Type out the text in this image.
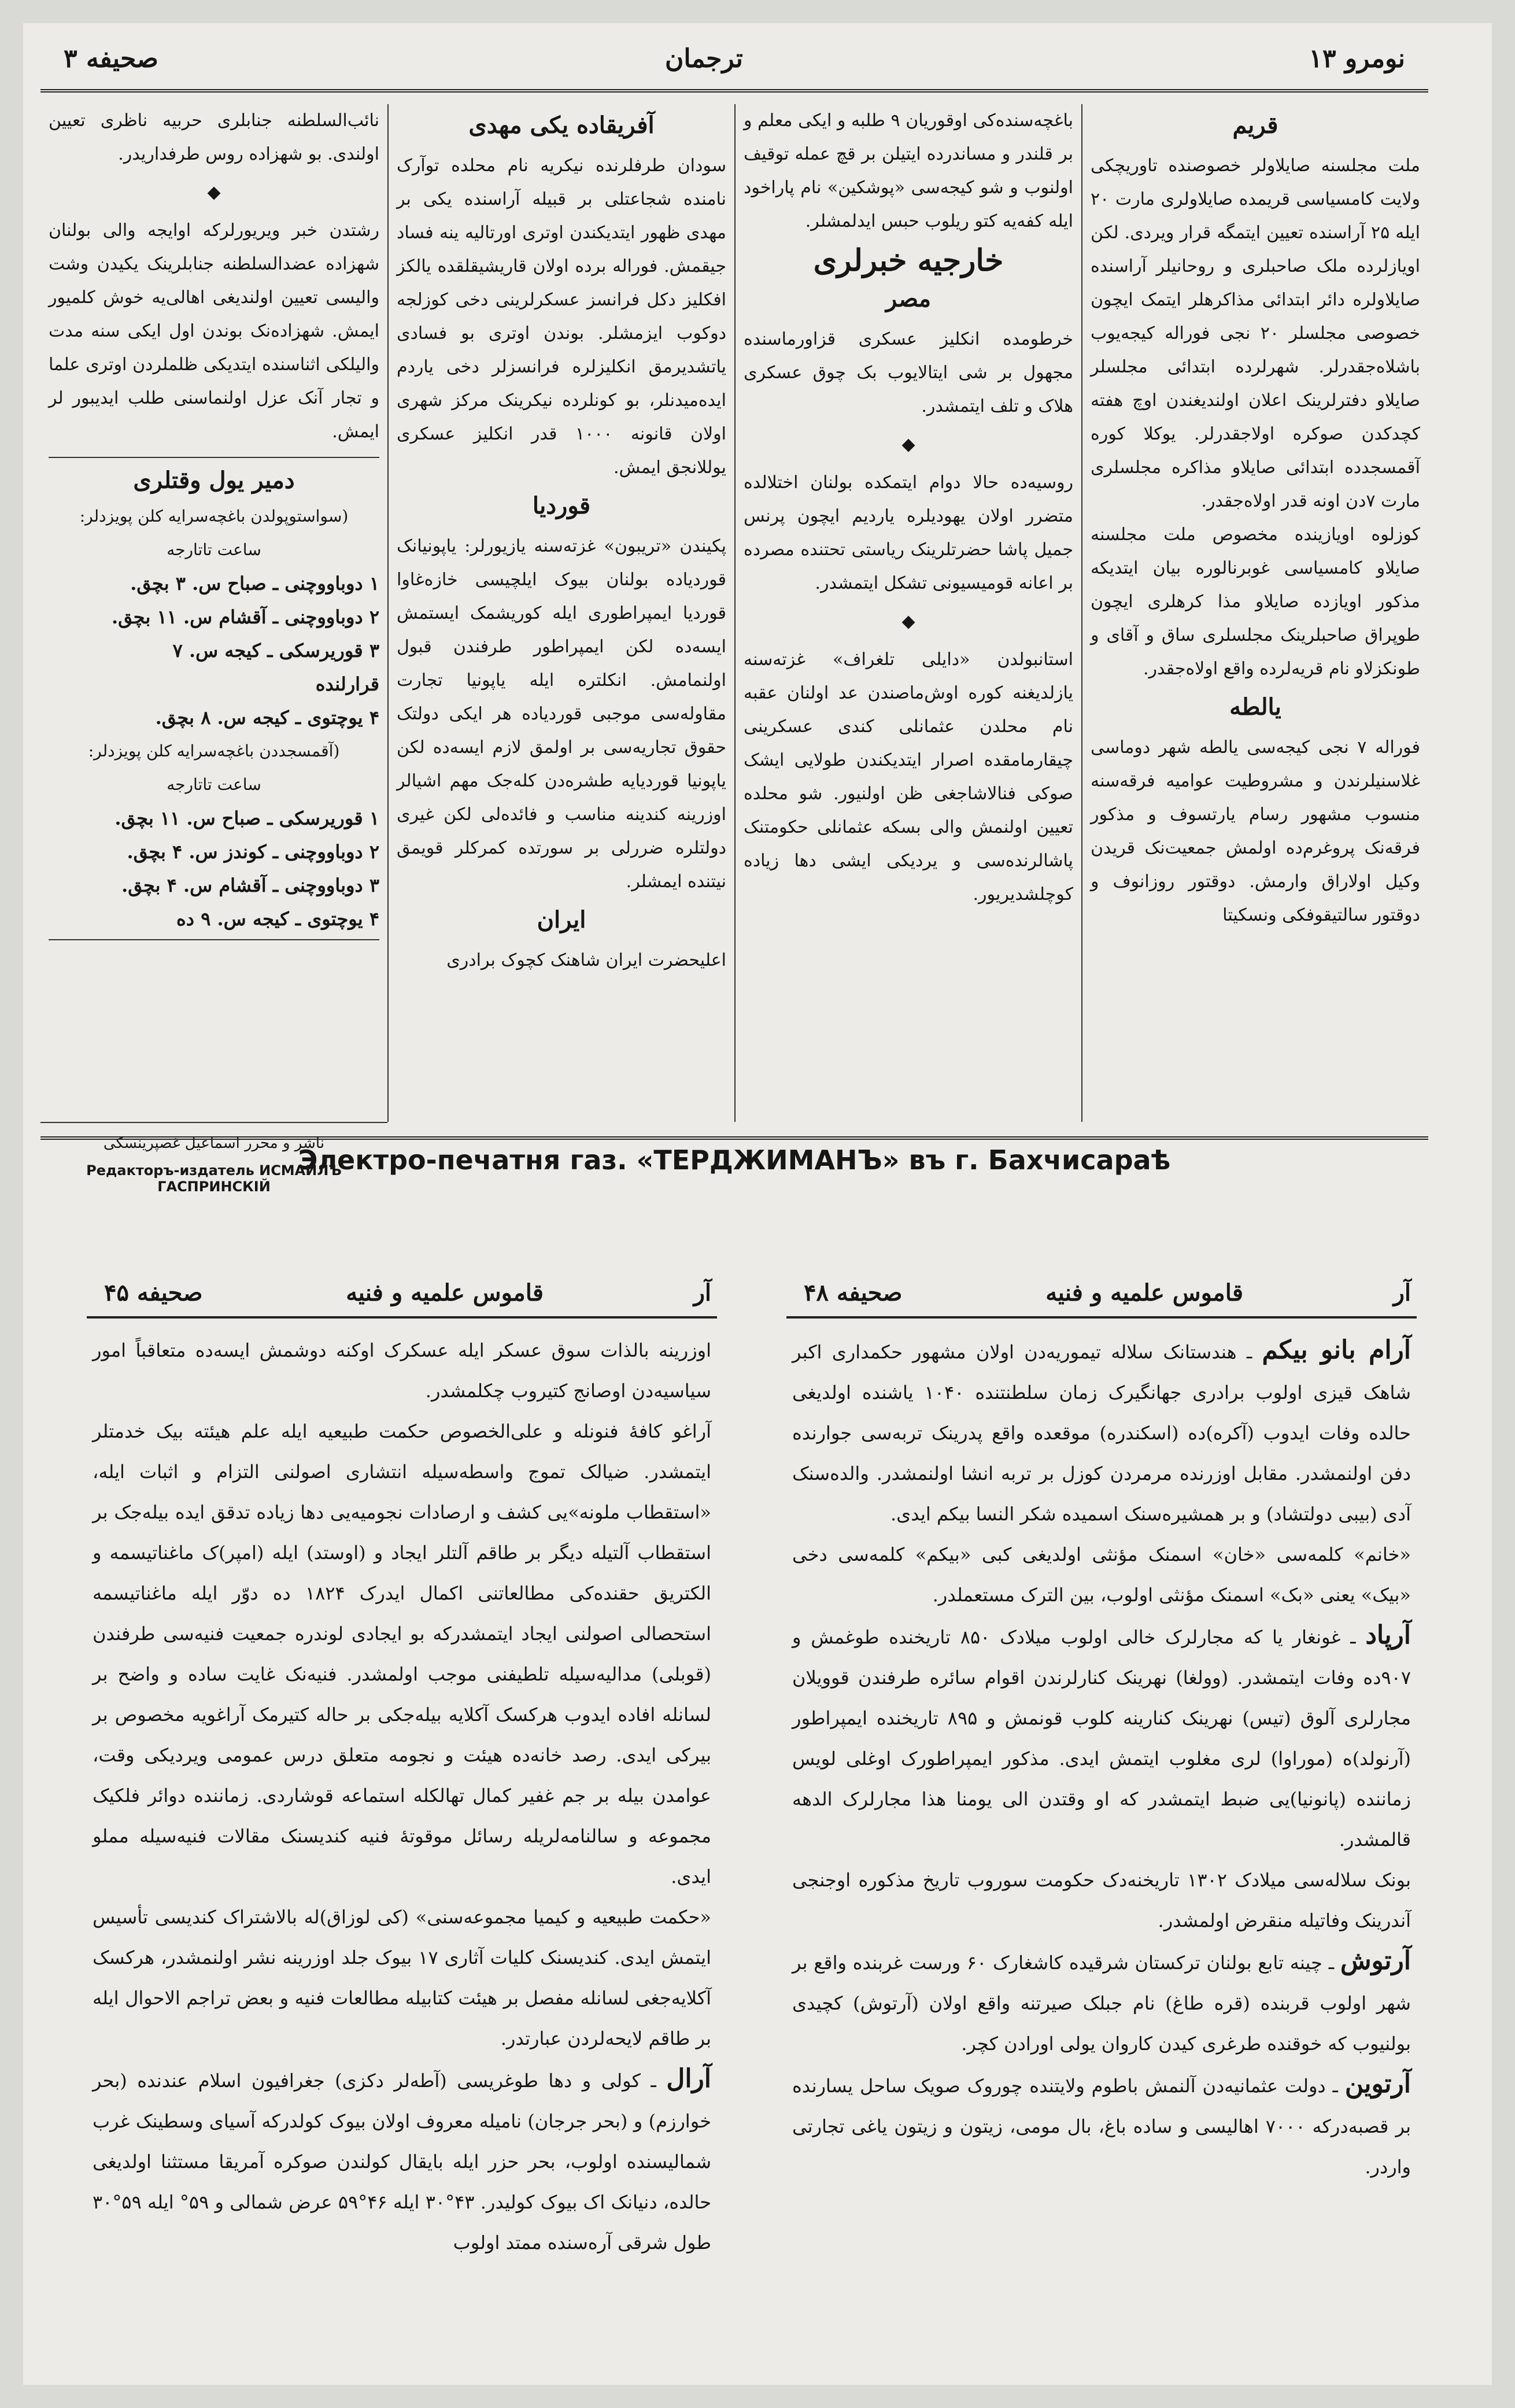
صحیفه ۳	ترجمان	نومرو ۱۳
قریم

ملت مجلسنه صایلاولر خصوصنده تاوریچکی ولایت کامسیاسی قریمده صایلاولری مارت ۲۰ ایله ۲۵ آراسنده تعیین ایتمگه قرار ویردی. لکن اویازلرده ملک صاحبلری و روحانیلر آراسنده صایلاولره دائر ابتدائی مذاکرهلر ایتمک ایچون خصوصی مجلسلر ۲۰ نجی فوراله کیجه‌یوب باشلاه‌جقدرلر. شهرلرده ابتدائی مجلسلر صایلاو دفترلرینک اعلان اولندیغندن اوچ هفته کچدکدن صوکره اولاجقدرلر. یوکلا کوره آقمسجدده ابتدائی صایلاو مذاکره مجلسلری مارت ۷دن اونه قدر اولاه‌جقدر.

کوزلوه اویازینده مخصوص ملت مجلسنه صایلاو کامسیاسی غوبرنالوره بیان ایتدیکه مذکور اویازده صایلاو مذا کرهلری ایچون طوپراق صاحبلرینک مجلسلری ساق و آقای و طونکزلاو نام قریه‌لرده واقع اولاه‌جقدر.

یالطه

فوراله ۷ نجی کیجه‌سی یالطه شهر دوماسی غلاسنیلرندن و مشروطیت عوامیه فرقه‌سنه منسوب مشهور رسام یارتسوف و مذکور فرقه‌نک پروغرم‌ده اولمش جمعیت‌نک قریدن وکیل اولاراق وارمش. دوقتور روزانوف و دوقتور سالتیقوفکی ونسکیتا

باغچه‌سنده‌کی اوقوریان ۹ طلبه و ایکی معلم و بر قلندر و مساندرده ایتیلن بر قچ عمله توقیف اولنوب و شو کیجه‌سی «پوشکین» نام پاراخود ایله کفه‌یه کتو ریلوب حبس ایدلمشلر.

خارجیه خبرلری
مصر

خرطومده انکلیز عسکری قزاورماسنده مجهول بر شی ایتالایوب بک چوق عسکری هلاک و تلف ایتمشدر.

◆

روسیه‌ده حالا دوام ایتمکده بولنان اختلالده متضرر اولان یهودیلره یاردیم ایچون پرنس جمیل پاشا حضرتلرینک ریاستی تحتنده مصرده بر اعانه قومیسیونی تشکل ایتمشدر.

◆

استانبولدن «دایلی تلغراف» غزته‌سنه یازلدیغنه کوره اوش‌ماصندن عد اولنان عقبه نام محلدن عثمانلی کندی عسکرینی چیقارمامقده اصرار ایتدیکندن طولایی ایشک صوکی فنالاشاجغی ظن اولنیور. شو محلده تعیین اولنمش والی بسکه عثمانلی حکومتنک پاشالرنده‌سی و یردیکی ایشی دها زیاده کوچلشدیریور.

آفریقاده یکی مهدی

سودان طرفلرنده نیکریه نام محلده توآرک نامنده شجاعتلی بر قبیله آراسنده یکی بر مهدی ظهور ایتدیکندن اوتری اورتالیه ینه فساد جیقمش. فوراله برده اولان قاریشیقلقده یالکز افکلیز دکل فرانسز عسکرلرینی دخی کوزلجه دوکوب ایزمشلر. بوندن اوتری بو فسادی یاتشدیرمق انکلیزلره فرانسزلر دخی یاردم ایده‌میدنلر، بو کونلرده نیکرینک مرکز شهری اولان قانونه ۱۰۰۰ قدر انکلیز عسکری یوللانجق ایمش.

قوردیا

پکیندن «تریبون» غزته‌سنه یازیورلر: یاپونیانک قوردیاده بولنان بیوک ایلچیسی خازه‌غاوا قوردیا ایمپراطوری ایله کوریشمک ایستمش ایسه‌ده لکن ایمپراطور طرفندن قبول اولنمامش. انکلتره ایله یاپونیا تجارت مقاوله‌سی موجبی قوردیاده هر ایکی دولتک حقوق تجاریه‌سی بر اولمق لازم ایسه‌ده لکن یاپونیا قوردیایه طشره‌دن کله‌جک مهم اشیالر اوزرینه کندینه مناسب و فائده‌لی لکن غیری دولتلره ضررلی بر سورتده کمرکلر قویمق نیتنده ایمشلر.

ایران

اعلیحضرت ایران شاهنک کچوک برادری

نائب‌السلطنه جنابلری حربیه ناظری تعیین اولندی. بو شهزاده روس طرفداریدر.

◆

رشتدن خبر ویریورلرکه اوایجه والی بولنان شهزاده عضدالسلطنه جنابلرینک یکیدن وشت والیسی تعیین اولندیغی اهالی‌یه خوش کلمیور ایمش. شهزاده‌نک بوندن اول ایکی سنه مدت والیلکی اثناسنده ایتدیکی ظلملردن اوتری علما و تجار آنک عزل اولنماسنی طلب ایدیبور لر ایمش.

دمیر یول وقتلری
(سواستوپولدن باغچه‌سرایه کلن پویزدلر:
ساعت تاتارجه
۱ دوباووچنی ـ صباح س. ۳ بچق.
۲ دوباووچنی ـ آقشام س. ۱۱ بچق.
۳ قوریرسکی ـ کیجه س. ۷
قرارلنده
۴ یوچتوی ـ کیجه س. ۸ بچق.
(آقمسجددن باغچه‌سرایه کلن پویزدلر:
ساعت تاتارجه
۱ قوریرسکی ـ صباح س. ۱۱ بچق.
۲ دوباووچنی ـ کوندز س. ۴ بچق.
۳ دوباووچنی ـ آقشام س. ۴ بچق.
۴ یوچتوی ـ کیجه س. ۹ ده
ناشر و محرر اسماعیل غصپرینسکی
Редакторъ-издатель ИСМАИЛЪ ГАСПРИНСКІЙ
Электро-печатня газ. «ТЕРДЖИМАНЪ» въ г. Бахчисараѣ
آر
قاموس علمیه و فنیه
صحیفه ۴۸

آرام بانو بیکم ـ هندستانک سلاله تیموریه‌دن اولان مشهور حکمداری اکبر شاهک قیزی اولوب برادری جهانگیرک زمان سلطنتنده ۱۰۴۰ یاشنده اولدیغی حالده وفات ایدوب (آکره)ده (اسکندره) موقعده واقع پدرینک تربه‌سی جوارنده دفن اولنمشدر. مقابل اوزرنده مرمردن کوزل بر تربه انشا اولنمشدر. والده‌سنک آدی (بیبی دولتشاد) و بر همشیره‌سنک اسمیده شکر النسا بیکم ایدی.

«خانم» کلمه‌سی «خان» اسمنک مؤنثی اولدیغی کبی «بیکم» کلمه‌سی دخی «بیک» یعنی «بک» اسمنک مؤنثی اولوب، بین الترک مستعملدر.

آرپاد ـ غونغار یا که مجارلرک خالی اولوب میلادک ۸۵۰ تاریخنده طوغمش و ۹۰۷ده وفات ایتمشدر. (وولغا) نهرینک کنارلرندن اقوام سائره طرفندن قوویلان مجارلری آلوق (تیس) نهرینک کنارینه کلوب قونمش و ۸۹۵ تاریخنده ایمپراطور (آرنولد)ه (موراوا) لری مغلوب ایتمش ایدی. مذکور ایمپراطورک اوغلی لویس زماننده (پانونیا)یی ضبط ایتمشدر که او وقتدن الی یومنا هذا مجارلرک الدهه قالمشدر.

بونک سلاله‌سی میلادک ۱۳۰۲ تاریخنه‌دک حکومت سوروب تاریخ مذکوره اوجنجی آندرینک وفاتیله منقرض اولمشدر.

آرتوش ـ چینه تابع بولنان ترکستان شرقیده کاشغارک ۶۰ ورست غربنده واقع بر شهر اولوب قربنده (قره طاغ) نام جبلک صیرتنه واقع اولان (آرتوش) کچیدی بولنیوب که خوقنده طرغری کیدن کاروان یولی اورادن کچر.

آرتوین ـ دولت عثمانیه‌دن آلنمش باطوم ولایتنده چوروک صویک ساحل یسارنده بر قصبه‌درکه ۷۰۰۰ اهالیسی و ساده باغ، بال مومی، زیتون و زیتون یاغی تجارتی واردر.

آر
قاموس علمیه و فنیه
صحیفه ۴۵

اوزرینه بالذات سوق عسکر ایله عسکرک اوکنه دوشمش ایسه‌ده متعاقباً امور سیاسیه‌دن اوصانج کتیروب چکلمشدر.

آراغو کافهٔ فنونله و علی‌الخصوص حکمت طبیعیه ایله علم هیئته بیک خدمتلر ایتمشدر. ضیالک تموج واسطه‌سیله انتشاری اصولنی التزام و اثبات ایله، «استقطاب ملونه»یی کشف و ارصادات نجومیه‌یی دها زیاده تدقق ایده بیله‌جک بر استقطاب آلتیله دیگر بر طاقم آلتلر ایجاد و (اوستد) ایله (امپر)ک ماغناتیسمه و الکتریق حقنده‌کی مطالعاتنی اکمال ایدرک ۱۸۲۴ ده دوّر ایله ماغناتیسمه استحصالی اصولنی ایجاد ایتمشدرکه بو ایجادی لوندره جمعیت فنیه‌سی طرفندن (قوبلی) مدالیه‌سیله تلطیفنی موجب اولمشدر. فنیه‌نک غایت ساده و واضح بر لسانله افاده ایدوب هرکسک آکلایه بیله‌جکی بر حاله کتیرمک آراغویه مخصوص بر بیرکی ایدی. رصد خانه‌ده هیئت و نجومه متعلق درس عمومی ویردیکی وقت، عوامدن بیله بر جم غفیر کمال تهالکله استماعه قوشاردی. زماننده دوائر فلکیک مجموعه و سالنامه‌لریله رسائل موقوتهٔ فنیه کندیسنک مقالات فنیه‌سیله مملو ایدی.

«حکمت طبیعیه و کیمیا مجموعه‌سنی» (کی لوزاق)له بالاشتراک کندیسی تأسیس ایتمش ایدی. کندیسنک کلیات آثاری ۱۷ بیوک جلد اوزرینه نشر اولنمشدر، هرکسک آکلایه‌جغی لسانله مفصل بر هیئت کتابیله مطالعات فنیه و بعض تراجم الاحوال ایله بر طاقم لایحه‌لردن عبارتدر.

آرال ـ کولی و دها طوغریسی (آطه‌لر دکزی) جغرافیون اسلام عندنده (بحر خوارزم) و (بحر جرجان) نامیله معروف اولان بیوک کولدرکه آسیای وسطینک غرب شمالیسنده اولوب، بحر حزر ایله بایقال کولندن صوکره آمریقا مستثنا اولدیغی حالده، دنیانک اک بیوک کولیدر. ۴۳°۳۰ ایله ۴۶°۵۹ عرض شمالی و ۵۹° ایله ۵۹°۳۰ طول شرقی آره‌سنده ممتد اولوب
